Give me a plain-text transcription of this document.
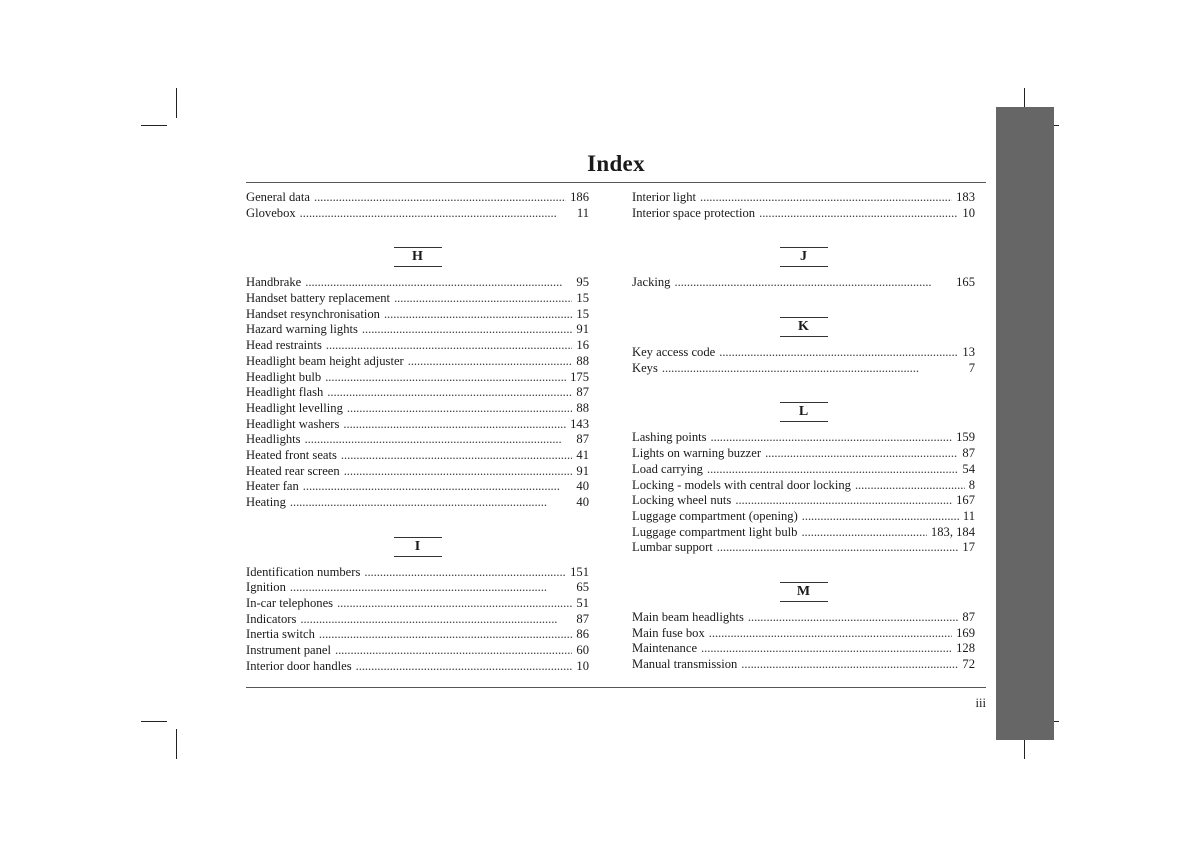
Index
General data . . .	186
Glovebox . . .	11
H
Handbrake . . .	95
Handset battery replacement . . .	15
Handset resynchronisation . . .	15
Hazard warning lights . . .	91
Head restraints . . .	16
Headlight beam height adjuster . . .	88
Headlight bulb . . .	175
Headlight flash . . .	87
Headlight levelling . . .	88
Headlight washers . . .	143
Headlights . . .	87
Heated front seats . . .	41
Heated rear screen . . .	91
Heater fan . . .	40
Heating . . .	40
I
Identification numbers . . .	151
Ignition . . .	65
In-car telephones . . .	51
Indicators . . .	87
Inertia switch . . .	86
Instrument panel . . .	60
Interior door handles . . .	10
Interior light . . .	183
Interior space protection . . .	10
J
Jacking . . .	165
K
Key access code . . .	13
Keys . . .	7
L
Lashing points . . .	159
Lights on warning buzzer . . .	87
Load carrying . . .	54
Locking - models with central door locking . . .	8
Locking wheel nuts . . .	167
Luggage compartment (opening) . . .	11
Luggage compartment light bulb . . .	183, 184
Lumbar support . . .	17
M
Main beam headlights . . .	87
Main fuse box . . .	169
Maintenance . . .	128
Manual transmission . . .	72
iii
